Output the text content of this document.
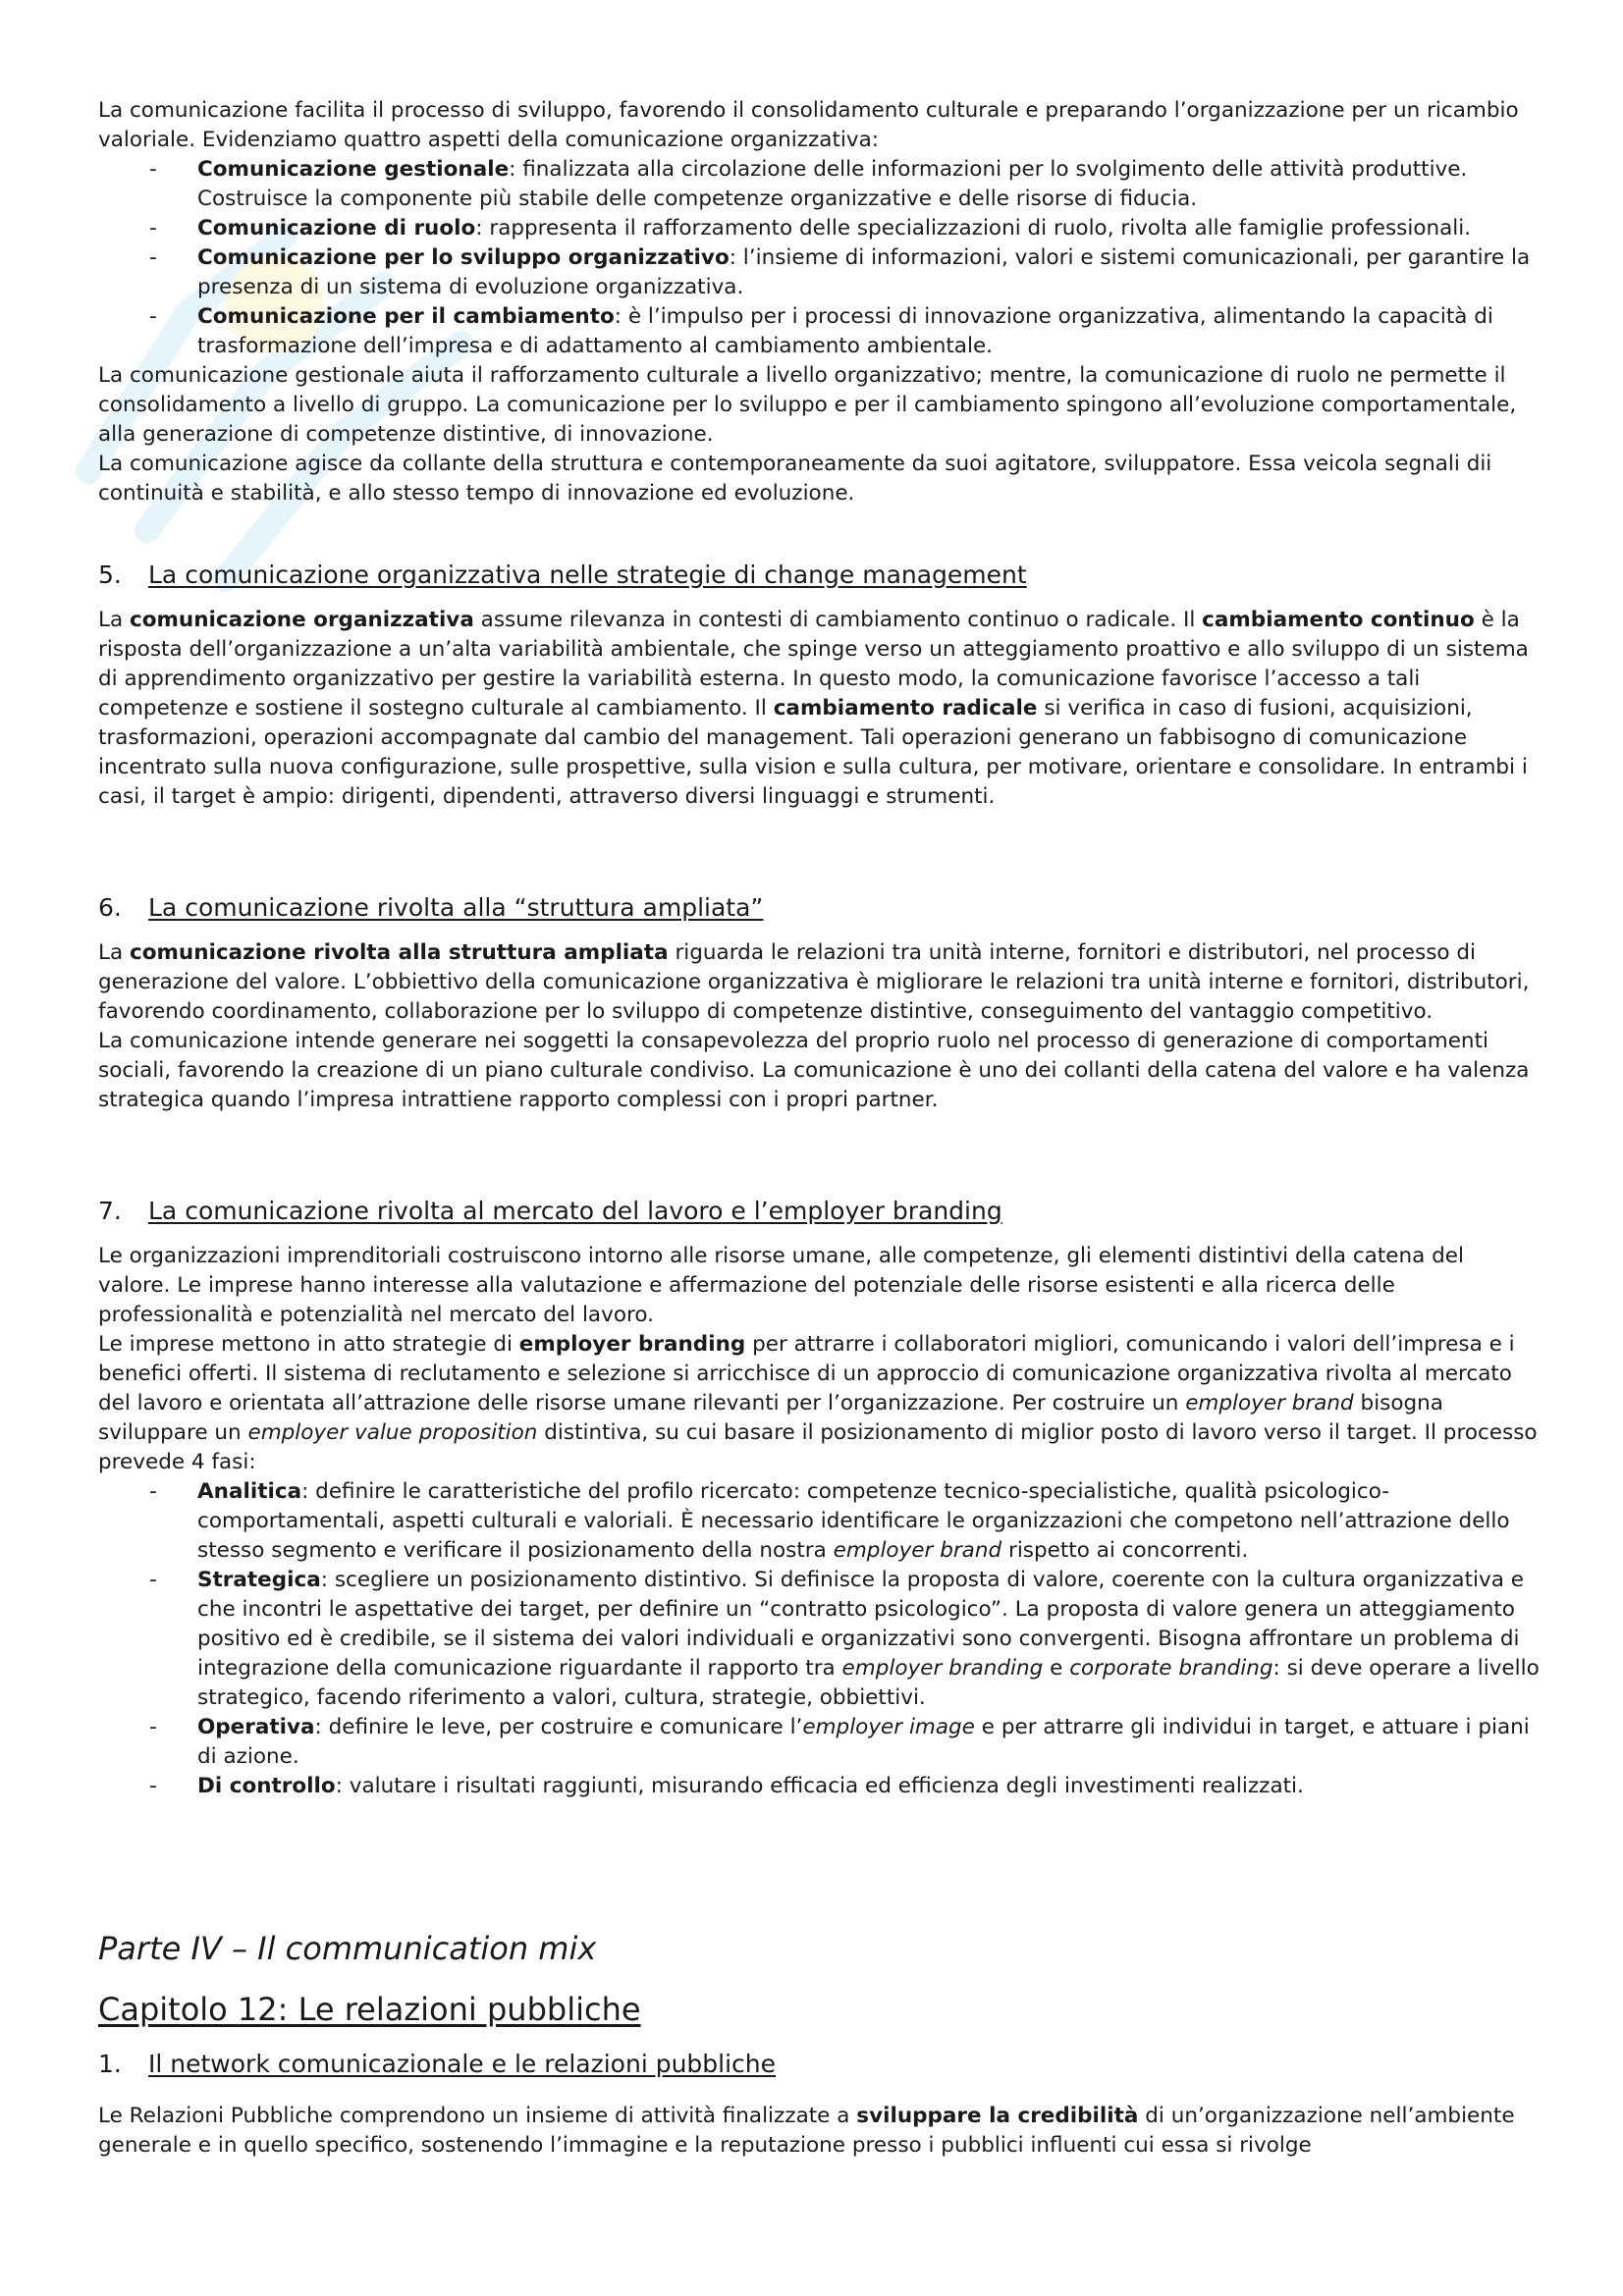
La comunicazione facilita il processo di sviluppo, favorendo il consolidamento culturale e preparando l’organizzazione per un ricambio valoriale. Evidenziamo quattro aspetti della comunicazione organizzativa:

- Comunicazione gestionale: finalizzata alla circolazione delle informazioni per lo svolgimento delle attività produttive. Costruisce la componente più stabile delle competenze organizzative e delle risorse di fiducia.
- Comunicazione di ruolo: rappresenta il rafforzamento delle specializzazioni di ruolo, rivolta alle famiglie professionali.
- Comunicazione per lo sviluppo organizzativo: l’insieme di informazioni, valori e sistemi comunicazionali, per garantire la presenza di un sistema di evoluzione organizzativa.
- Comunicazione per il cambiamento: è l’impulso per i processi di innovazione organizzativa, alimentando la capacità di trasformazione dell’impresa e di adattamento al cambiamento ambientale.

La comunicazione gestionale aiuta il rafforzamento culturale a livello organizzativo; mentre, la comunicazione di ruolo ne permette il consolidamento a livello di gruppo. La comunicazione per lo sviluppo e per il cambiamento spingono all’evoluzione comportamentale, alla generazione di competenze distintive, di innovazione.

La comunicazione agisce da collante della struttura e contemporaneamente da suoi agitatore, sviluppatore. Essa veicola segnali dii continuità e stabilità, e allo stesso tempo di innovazione ed evoluzione.

5. La comunicazione organizzativa nelle strategie di change management

La comunicazione organizzativa assume rilevanza in contesti di cambiamento continuo o radicale. Il cambiamento continuo è la risposta dell’organizzazione a un’alta variabilità ambientale, che spinge verso un atteggiamento proattivo e allo sviluppo di un sistema di apprendimento organizzativo per gestire la variabilità esterna. In questo modo, la comunicazione favorisce l’accesso a tali competenze e sostiene il sostegno culturale al cambiamento. Il cambiamento radicale si verifica in caso di fusioni, acquisizioni, trasformazioni, operazioni accompagnate dal cambio del management. Tali operazioni generano un fabbisogno di comunicazione incentrato sulla nuova configurazione, sulle prospettive, sulla vision e sulla cultura, per motivare, orientare e consolidare. In entrambi i casi, il target è ampio: dirigenti, dipendenti, attraverso diversi linguaggi e strumenti.

6. La comunicazione rivolta alla “struttura ampliata”

La comunicazione rivolta alla struttura ampliata riguarda le relazioni tra unità interne, fornitori e distributori, nel processo di generazione del valore. L’obbiettivo della comunicazione organizzativa è migliorare le relazioni tra unità interne e fornitori, distributori, favorendo coordinamento, collaborazione per lo sviluppo di competenze distintive, conseguimento del vantaggio competitivo.

La comunicazione intende generare nei soggetti la consapevolezza del proprio ruolo nel processo di generazione di comportamenti sociali, favorendo la creazione di un piano culturale condiviso. La comunicazione è uno dei collanti della catena del valore e ha valenza strategica quando l’impresa intrattiene rapporto complessi con i propri partner.

7. La comunicazione rivolta al mercato del lavoro e l’employer branding

Le organizzazioni imprenditoriali costruiscono intorno alle risorse umane, alle competenze, gli elementi distintivi della catena del valore. Le imprese hanno interesse alla valutazione e affermazione del potenziale delle risorse esistenti e alla ricerca delle professionalità e potenzialità nel mercato del lavoro.

Le imprese mettono in atto strategie di employer branding per attrarre i collaboratori migliori, comunicando i valori dell’impresa e i benefici offerti. Il sistema di reclutamento e selezione si arricchisce di un approccio di comunicazione organizzativa rivolta al mercato del lavoro e orientata all’attrazione delle risorse umane rilevanti per l’organizzazione. Per costruire un employer brand bisogna sviluppare un employer value proposition distintiva, su cui basare il posizionamento di miglior posto di lavoro verso il target. Il processo prevede 4 fasi:

- Analitica: definire le caratteristiche del profilo ricercato: competenze tecnico-specialistiche, qualità psicologico-comportamentali, aspetti culturali e valoriali. È necessario identificare le organizzazioni che competono nell’attrazione dello stesso segmento e verificare il posizionamento della nostra employer brand rispetto ai concorrenti.
- Strategica: scegliere un posizionamento distintivo. Si definisce la proposta di valore, coerente con la cultura organizzativa e che incontri le aspettative dei target, per definire un “contratto psicologico”. La proposta di valore genera un atteggiamento positivo ed è credibile, se il sistema dei valori individuali e organizzativi sono convergenti. Bisogna affrontare un problema di integrazione della comunicazione riguardante il rapporto tra employer branding e corporate branding: si deve operare a livello strategico, facendo riferimento a valori, cultura, strategie, obbiettivi.
- Operativa: definire le leve, per costruire e comunicare l’employer image e per attrarre gli individui in target, e attuare i piani di azione.
- Di controllo: valutare i risultati raggiunti, misurando efficacia ed efficienza degli investimenti realizzati.
Parte IV – Il communication mix
Capitolo 12: Le relazioni pubbliche
1. Il network comunicazionale e le relazioni pubbliche

Le Relazioni Pubbliche comprendono un insieme di attività finalizzate a sviluppare la credibilità di un’organizzazione nell’ambiente generale e in quello specifico, sostenendo l’immagine e la reputazione presso i pubblici influenti cui essa si rivolge
